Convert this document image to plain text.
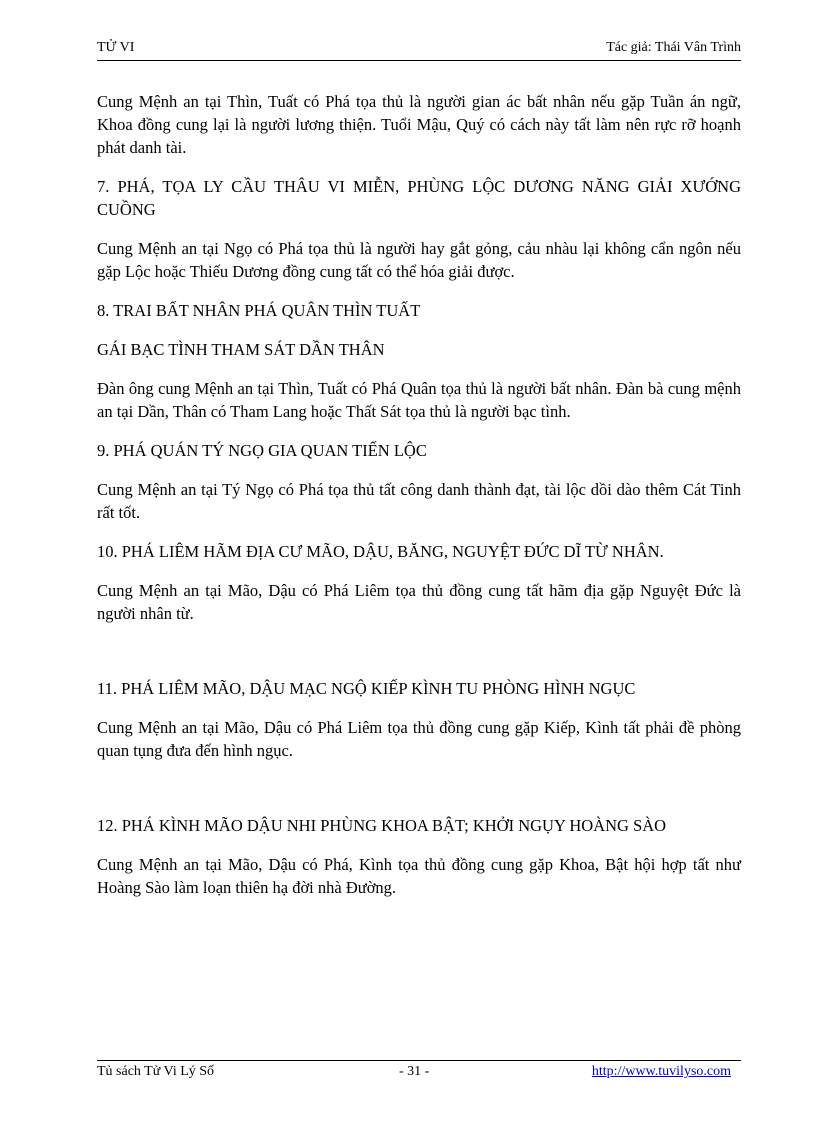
TỬ VI	Tác giả: Thái Vân Trình

Cung Mệnh an tại Thìn, Tuất có Phá tọa thủ là người gian ác bất nhân nếu gặp Tuần án ngữ, Khoa đồng cung lại là người lương thiện. Tuổi Mậu, Quý có cách này tất làm nên rực rỡ hoạnh phát danh tài.

7. PHÁ, TỌA LY CẦU THÂU VI MIỄN, PHÙNG LỘC DƯƠNG NĂNG GIẢI XƯỚNG CUỒNG

Cung Mệnh an tại Ngọ có Phá tọa thủ là người hay gắt gỏng, cảu nhàu lại không cẩn ngôn nếu gặp Lộc hoặc Thiếu Dương đồng cung tất có thể hóa giải được.

8. TRAI BẤT NHÂN PHÁ QUÂN THÌN TUẤT

GÁI BẠC TÌNH THAM SÁT DẦN THÂN

Đàn ông cung Mệnh an tại Thìn, Tuất có Phá Quân tọa thủ là người bất nhân. Đàn bà cung mệnh an tại Dần, Thân có Tham Lang hoặc Thất Sát tọa thủ là người bạc tình.

9. PHÁ QUÁN TÝ NGỌ GIA QUAN TIẾN LỘC

Cung Mệnh an tại Tý Ngọ có Phá tọa thủ tất công danh thành đạt, tài lộc dồi dào thêm Cát Tinh rất tốt.

10. PHÁ LIÊM HÃM ĐỊA CƯ MÃO, DẬU, BĂNG, NGUYỆT ĐỨC DĨ TỪ NHÂN.

Cung Mệnh an tại Mão, Dậu có Phá Liêm tọa thủ đồng cung tất hãm địa gặp Nguyệt Đức là người nhân từ.

11. PHÁ LIÊM MÃO, DẬU MẠC NGỘ KIẾP KÌNH TU PHÒNG HÌNH NGỤC

Cung Mệnh an tại Mão, Dậu có Phá Liêm tọa thủ đồng cung gặp Kiếp, Kình tất phải đề phòng quan tụng đưa đến hình ngục.

12. PHÁ KÌNH MÃO DẬU NHI PHÙNG KHOA BẬT; KHỞI NGỤY HOÀNG SÀO

Cung Mệnh an tại Mão, Dậu có Phá, Kình tọa thủ đồng cung gặp Khoa, Bật hội hợp tất như Hoàng Sào làm loạn thiên hạ đời nhà Đường.

Tủ sách Tử Vi Lý Số	- 31 -	http://www.tuvilyso.com
